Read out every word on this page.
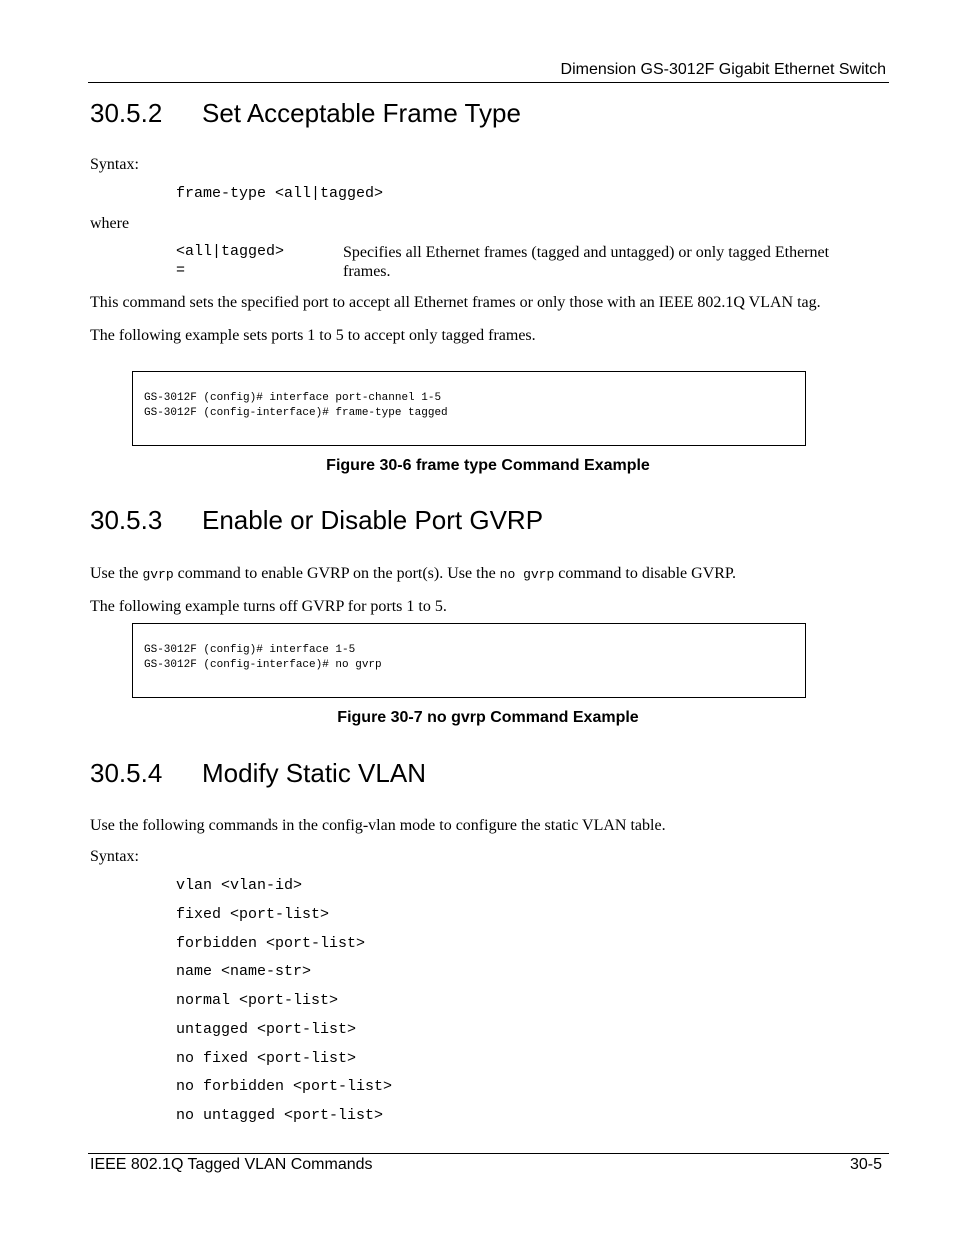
Dimension GS-3012F Gigabit Ethernet Switch
30.5.2 Set Acceptable Frame Type
Syntax:
frame-type <all|tagged>
where
<all|tagged>
=
Specifies all Ethernet frames (tagged and untagged) or only tagged Ethernet
frames.
This command sets the specified port to accept all Ethernet frames or only those with an IEEE 802.1Q VLAN tag.
The following example sets ports 1 to 5 to accept only tagged frames.
GS-3012F (config)# interface port-channel 1-5
GS-3012F (config-interface)# frame-type tagged
Figure 30-6 frame type Command Example
30.5.3 Enable or Disable Port GVRP
Use the gvrp command to enable GVRP on the port(s). Use the no gvrp command to disable GVRP.
The following example turns off GVRP for ports 1 to 5.
GS-3012F (config)# interface 1-5
GS-3012F (config-interface)# no gvrp
Figure 30-7 no gvrp Command Example
30.5.4 Modify Static VLAN
Use the following commands in the config-vlan mode to configure the static VLAN table.
Syntax:
vlan <vlan-id>
fixed <port-list>
forbidden <port-list>
name <name-str>
normal <port-list>
untagged <port-list>
no fixed <port-list>
no forbidden <port-list>
no untagged <port-list>
IEEE 802.1Q Tagged VLAN Commands	30-5
